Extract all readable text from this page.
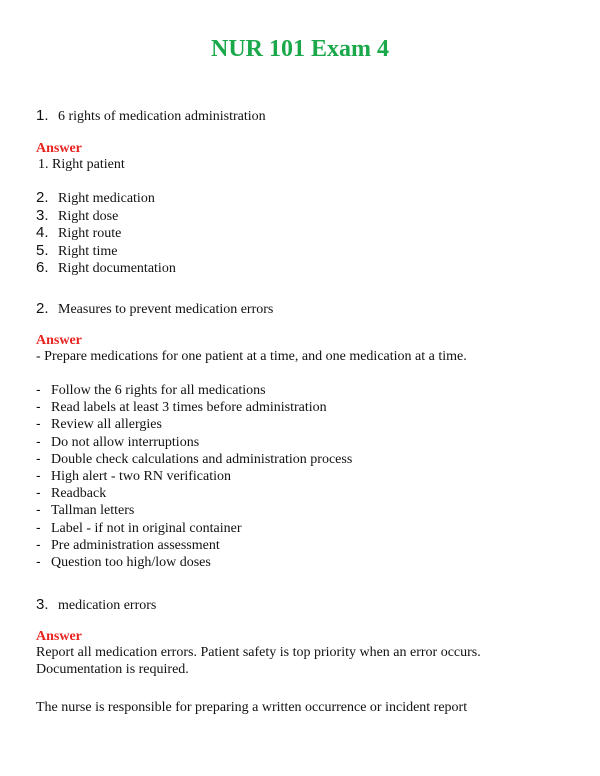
NUR 101 Exam 4
1. 6 rights of medication administration
Answer
1. Right patient
2. Right medication
3. Right dose
4. Right route
5. Right time
6. Right documentation
2. Measures to prevent medication errors
Answer
- Prepare medications for one patient at a time, and one medication at a time.
- Follow the 6 rights for all medications
- Read labels at least 3 times before administration
- Review all allergies
- Do not allow interruptions
- Double check calculations and administration process
- High alert - two RN verification
- Readback
- Tallman letters
- Label - if not in original container
- Pre administration assessment
- Question too high/low doses
3. medication errors
Answer
Report all medication errors. Patient safety is top priority when an error occurs. Documentation is required.
The nurse is responsible for preparing a written occurrence or incident report
